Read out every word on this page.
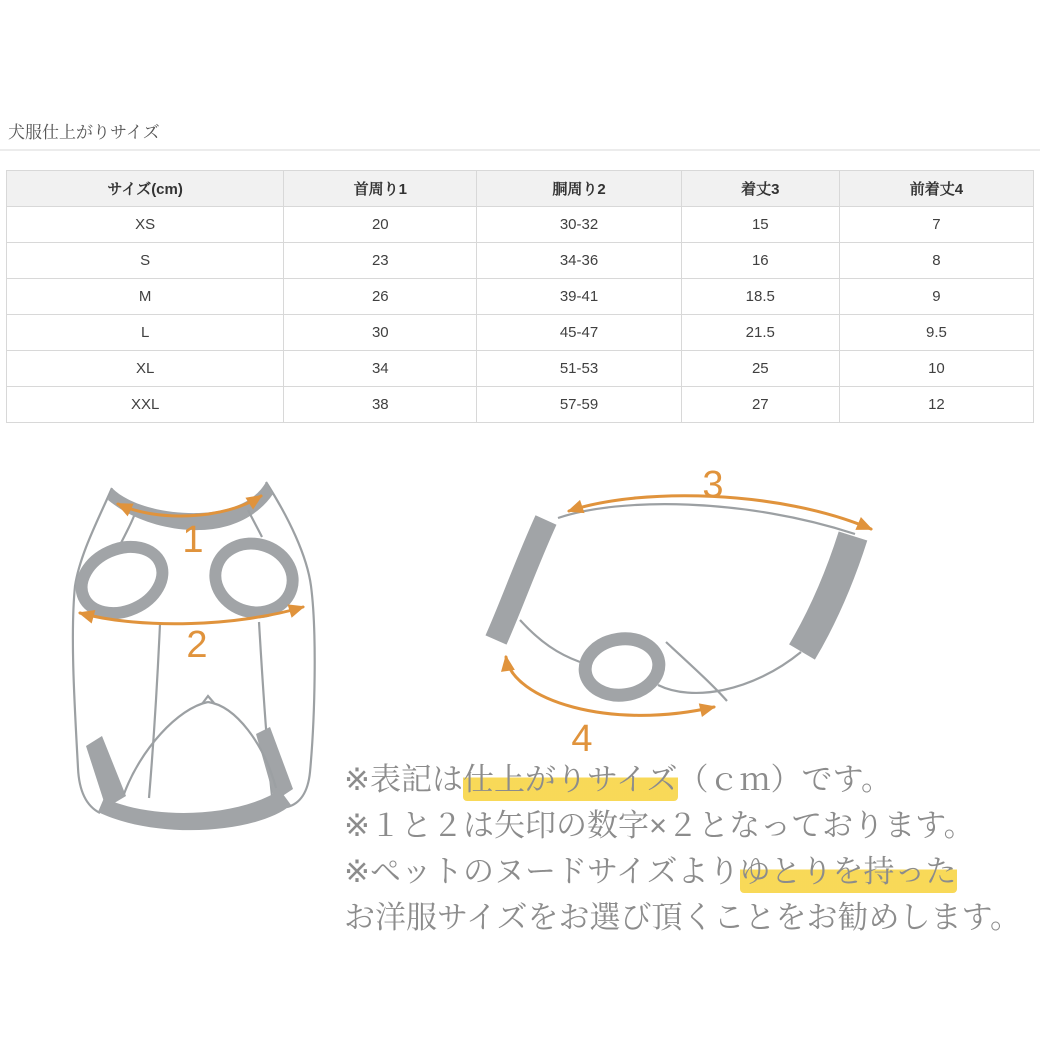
犬服仕上がりサイズ
サイズ(cm)	首周り1	胴周り2	着丈3	前着丈4
XS	20	30-32	15	7
S	23	34-36	16	8
M	26	39-41	18.5	9
L	30	45-47	21.5	9.5
XL	34	51-53	25	10
XXL	38	57-59	27	12
1
2
3
4

※表記は仕上がりサイズ（ｃｍ）です。

※１と２は矢印の数字×２となっております。

※ペットのヌードサイズよりゆとりを持った

お洋服サイズをお選び頂くことをお勧めします。
